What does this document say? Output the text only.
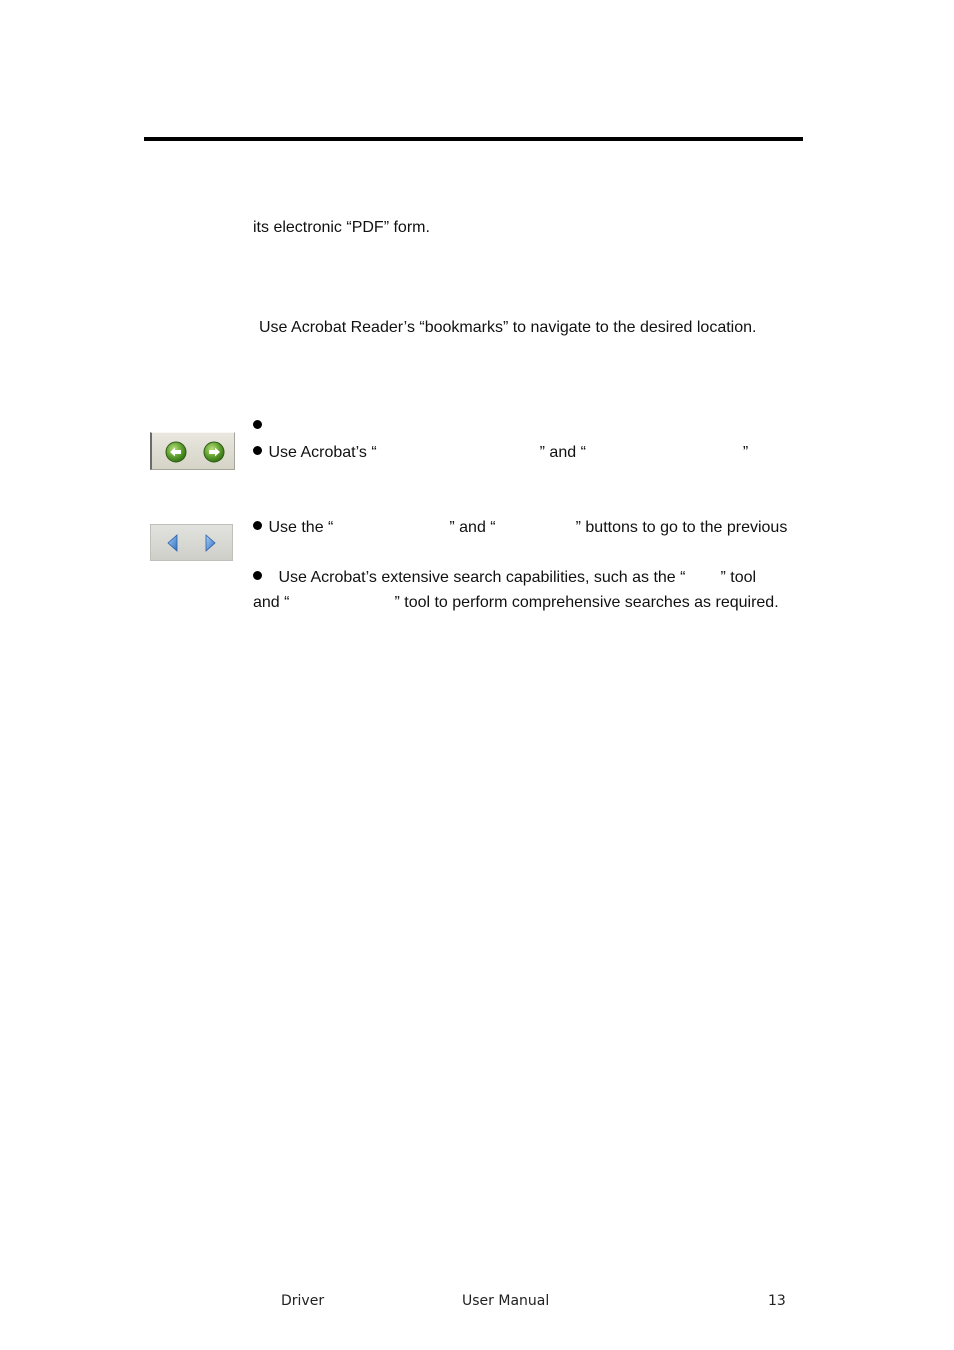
its electronic “PDF” form.
Use Acrobat Reader’s “bookmarks” to navigate to the desired location.
Use Acrobat’s “	” and “	”
Use the “	” and “	” buttons to go to the previous
Use Acrobat’s extensive search capabilities, such as the “ ” tool
and “	” tool to perform comprehensive searches as required.
Driver	User Manual	13
